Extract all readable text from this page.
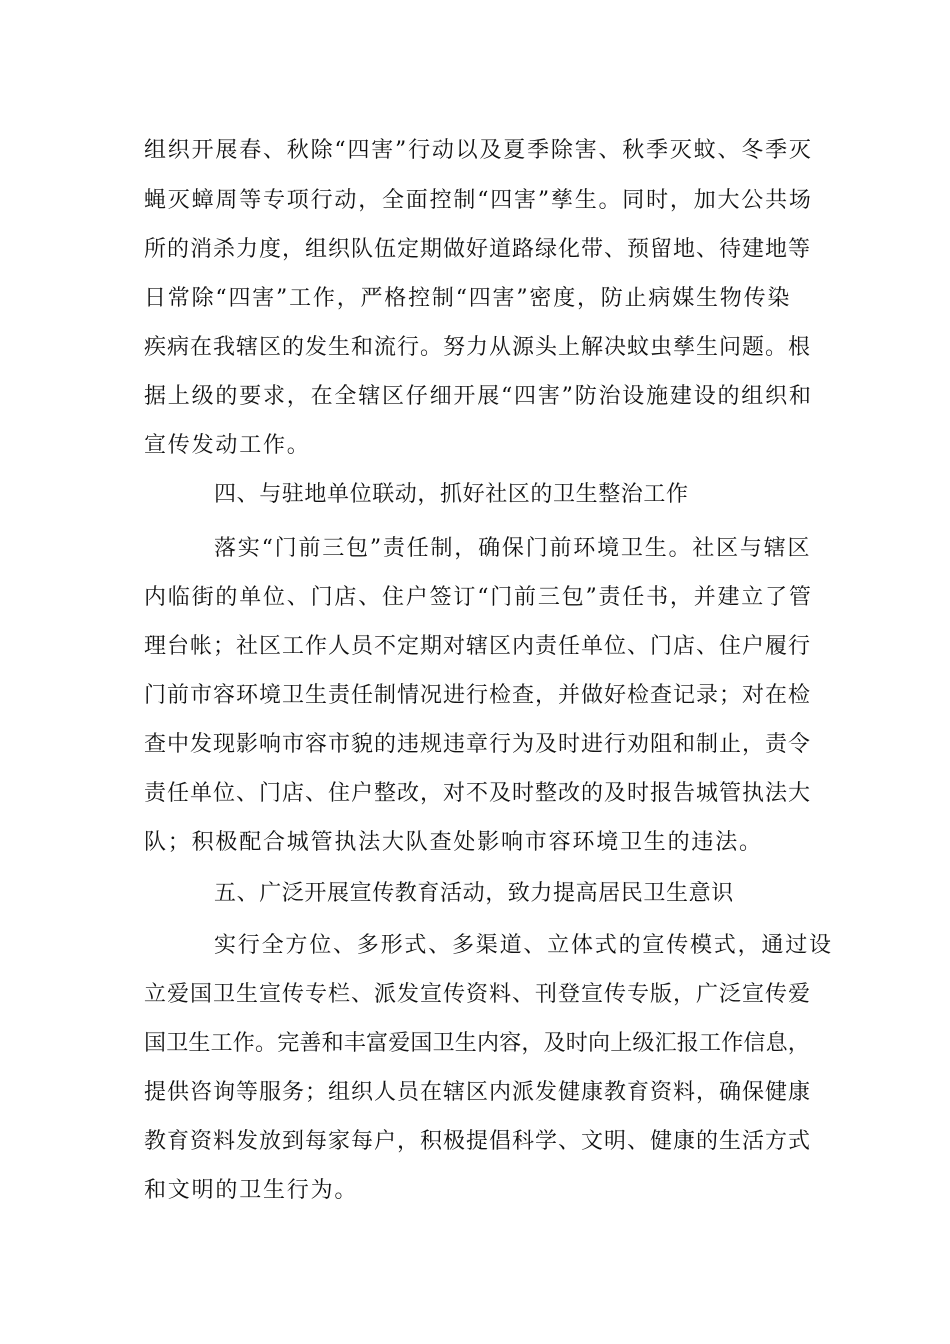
组织开展春、秋除“四害”行动以及夏季除害、秋季灭蚊、冬季灭
蝇灭蟑周等专项行动，全面控制“四害”孳生。同时，加大公共场
所的消杀力度，组织队伍定期做好道路绿化带、预留地、待建地等
日常除“四害”工作，严格控制“四害”密度，防止病媒生物传染
疾病在我辖区的发生和流行。努力从源头上解决蚊虫孳生问题。根
据上级的要求，在全辖区仔细开展“四害”防治设施建设的组织和
宣传发动工作。
四、与驻地单位联动，抓好社区的卫生整治工作
落实“门前三包”责任制，确保门前环境卫生。社区与辖区
内临街的单位、门店、住户签订“门前三包”责任书，并建立了管
理台帐；社区工作人员不定期对辖区内责任单位、门店、住户履行
门前市容环境卫生责任制情况进行检查，并做好检查记录；对在检
查中发现影响市容市貌的违规违章行为及时进行劝阻和制止，责令
责任单位、门店、住户整改，对不及时整改的及时报告城管执法大
队；积极配合城管执法大队查处影响市容环境卫生的违法。
五、广泛开展宣传教育活动，致力提高居民卫生意识
实行全方位、多形式、多渠道、立体式的宣传模式，通过设
立爱国卫生宣传专栏、派发宣传资料、刊登宣传专版，广泛宣传爱
国卫生工作。完善和丰富爱国卫生内容，及时向上级汇报工作信息，
提供咨询等服务；组织人员在辖区内派发健康教育资料，确保健康
教育资料发放到每家每户，积极提倡科学、文明、健康的生活方式
和文明的卫生行为。
